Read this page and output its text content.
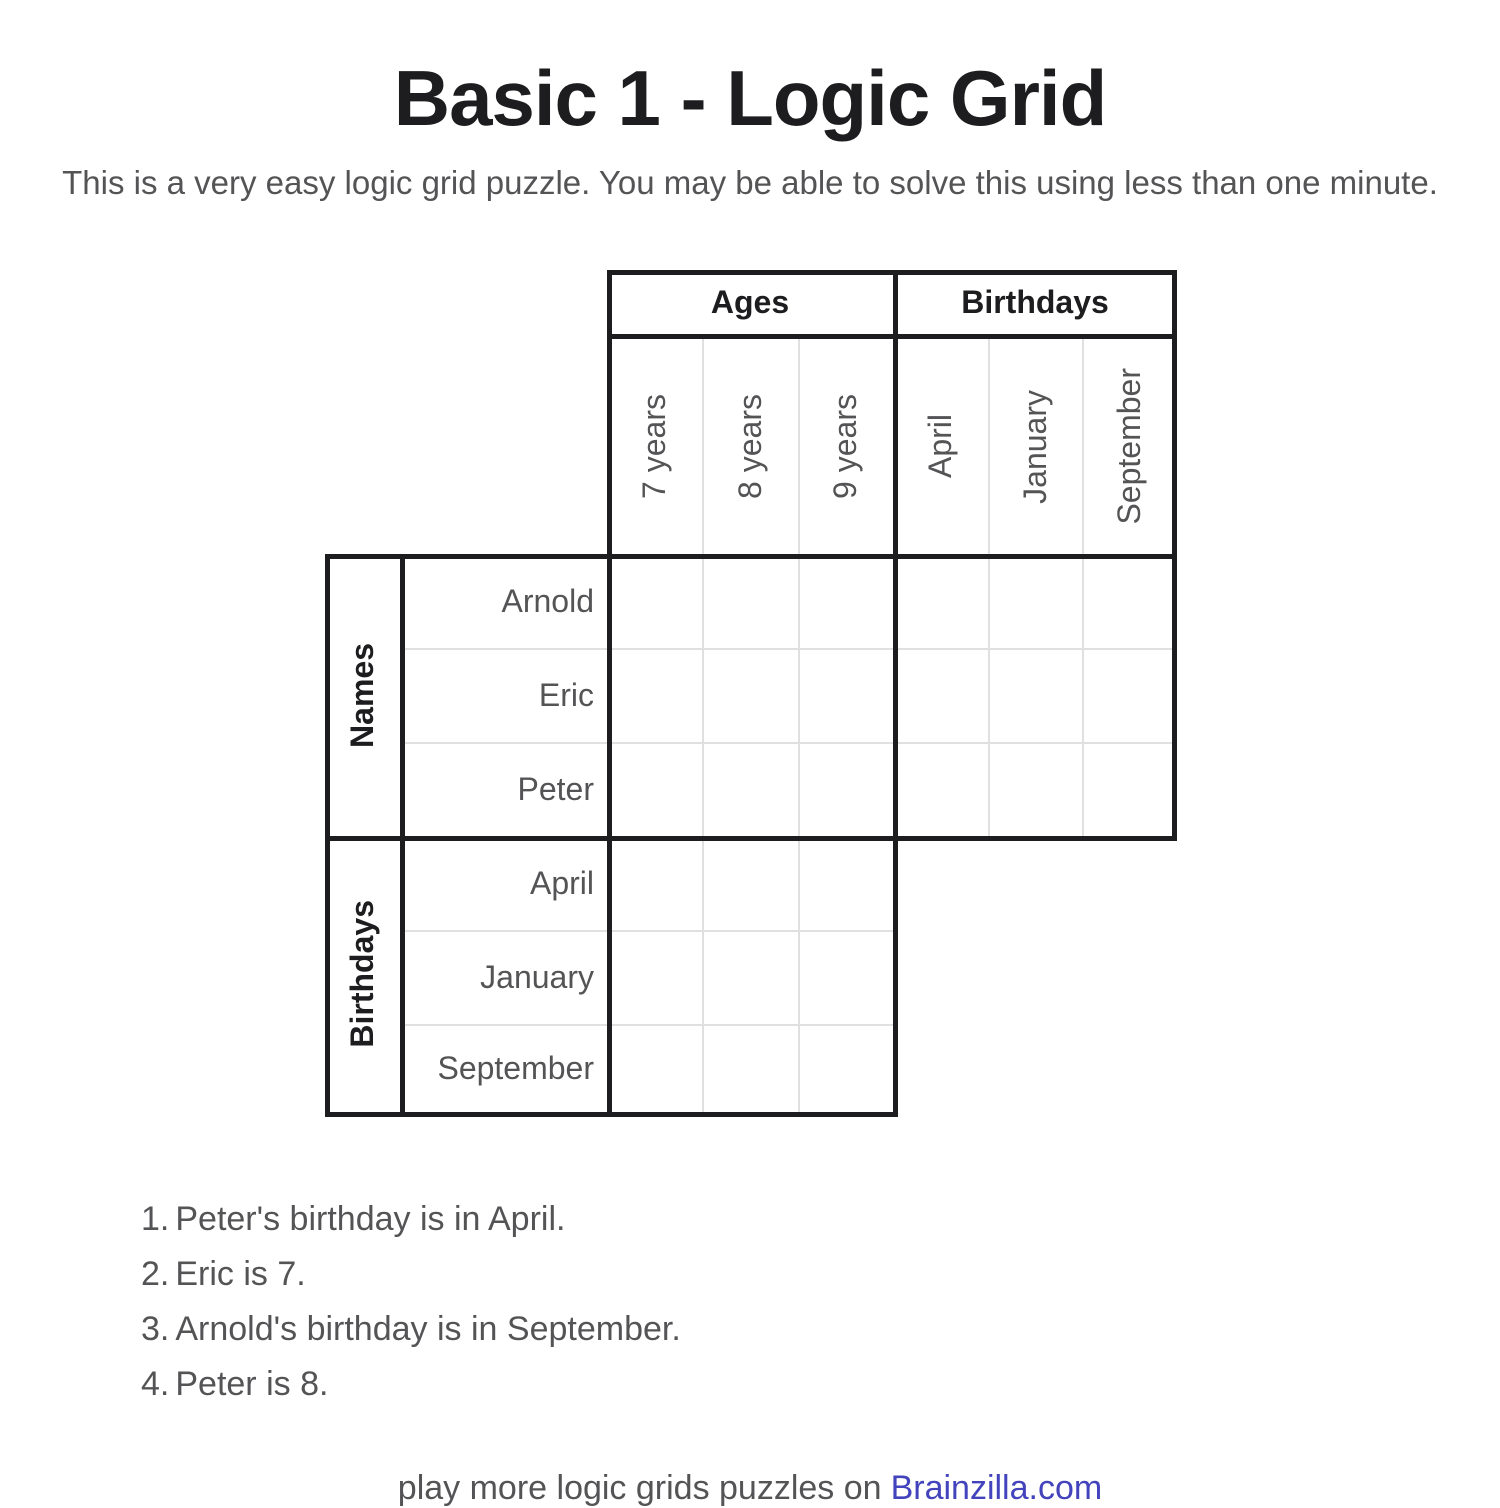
Basic 1 - Logic Grid
This is a very easy logic grid puzzle. You may be able to solve this using less than one minute.
Ages	Birthdays
7 years 8 years 9 years April January September
Names
Birthdays
Arnold
Eric
Peter
April
January
September
1. Peter's birthday is in April.
2. Eric is 7.
3. Arnold's birthday is in September.
4. Peter is 8.
play more logic grids puzzles on Brainzilla.com
